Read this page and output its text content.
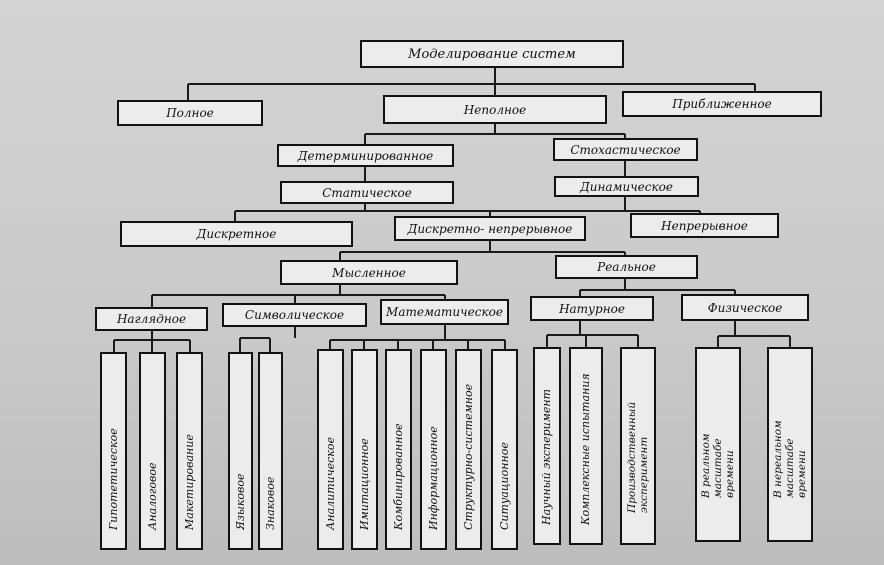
Моделирование систем
Полное	Неполное	Приближенное
Детерминированное	Стохастическое
Статическое	Динамическое
Дискретное	Дискретно- непрерывное	Непрерывное
Мысленное	Реальное
Наглядное	Символическое	Математическое	Натурное	Физическое
Гипотетическое Аналоговое Макетирование	Языковое Знаковое	Аналитическое Имитационное Комбинированное Информационное Структурно-системное Ситуационное	Научный эксперимент Комплексные испытания	Производственный эксперимент	В реальном масштабе времени	В нереальном масштабе времени
